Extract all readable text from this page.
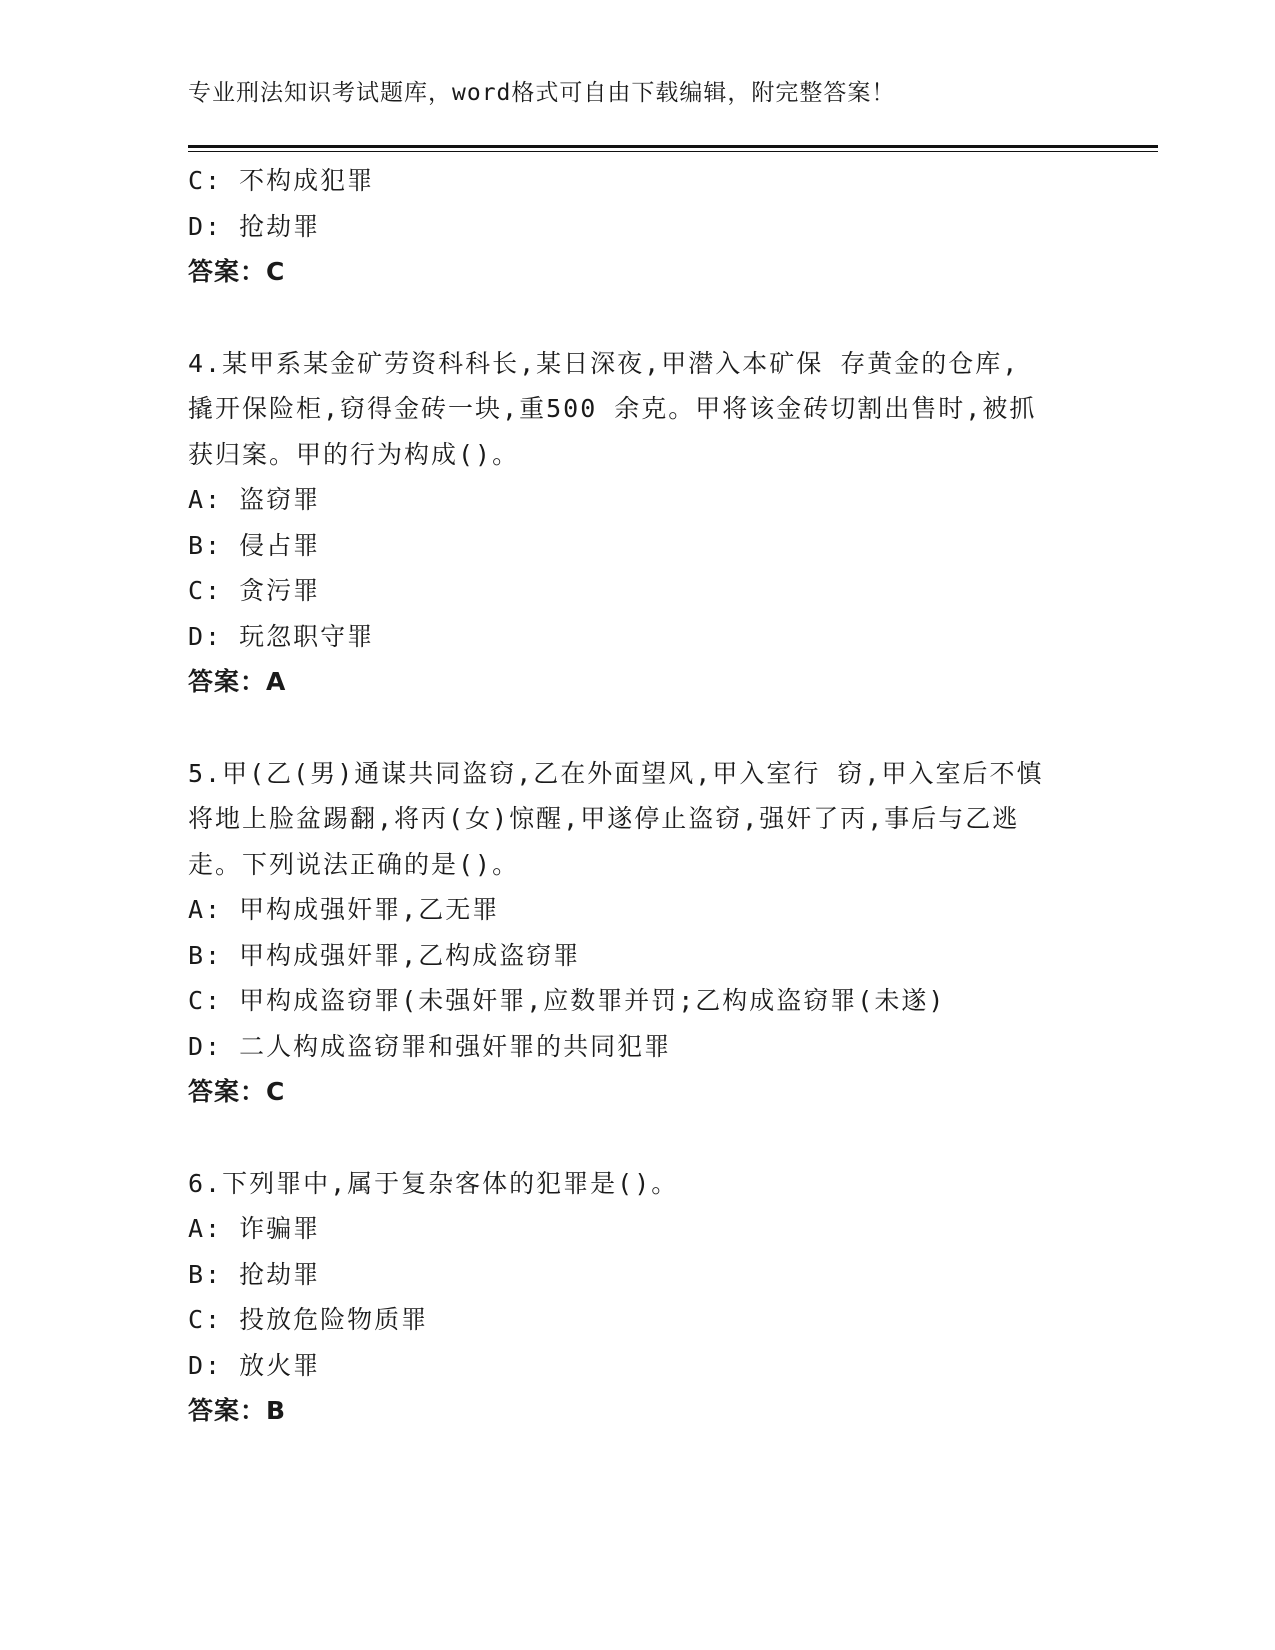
专业刑法知识考试题库，word格式可自由下载编辑，附完整答案！
C: 不构成犯罪
D: 抢劫罪
答案：C
4.某甲系某金矿劳资科科长,某日深夜,甲潜入本矿保 存黄金的仓库,
撬开保险柜,窃得金砖一块,重500 余克。甲将该金砖切割出售时,被抓
获归案。甲的行为构成()。
A: 盗窃罪
B: 侵占罪
C: 贪污罪
D: 玩忽职守罪
答案：A
5.甲(乙(男)通谋共同盗窃,乙在外面望风,甲入室行 窃,甲入室后不慎
将地上脸盆踢翻,将丙(女)惊醒,甲遂停止盗窃,强奸了丙,事后与乙逃
走。下列说法正确的是()。
A: 甲构成强奸罪,乙无罪
B: 甲构成强奸罪,乙构成盗窃罪
C: 甲构成盗窃罪(未强奸罪,应数罪并罚;乙构成盗窃罪(未遂)
D: 二人构成盗窃罪和强奸罪的共同犯罪
答案：C
6.下列罪中,属于复杂客体的犯罪是()。
A: 诈骗罪
B: 抢劫罪
C: 投放危险物质罪
D: 放火罪
答案：B
